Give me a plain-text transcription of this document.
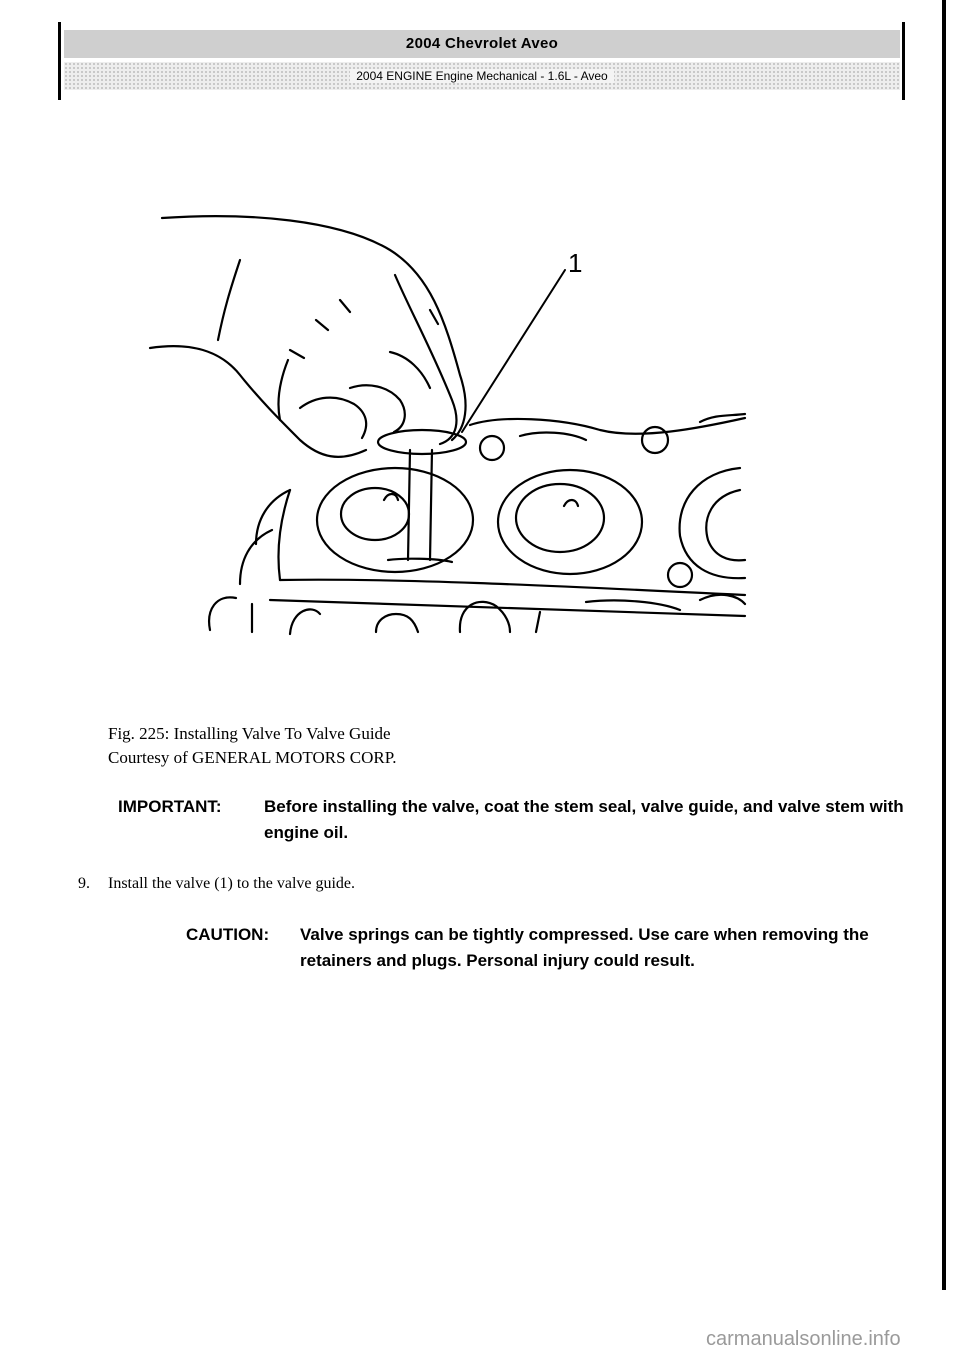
2004 Chevrolet Aveo
2004 ENGINE Engine Mechanical - 1.6L - Aveo
1
Fig. 225: Installing Valve To Valve Guide
Courtesy of GENERAL MOTORS CORP.
IMPORTANT: Before installing the valve, coat the stem seal, valve guide, and valve stem with engine oil.
9. Install the valve (1) to the valve guide.
CAUTION: Valve springs can be tightly compressed. Use care when removing the retainers and plugs. Personal injury could result.
carmanualsonline.info
